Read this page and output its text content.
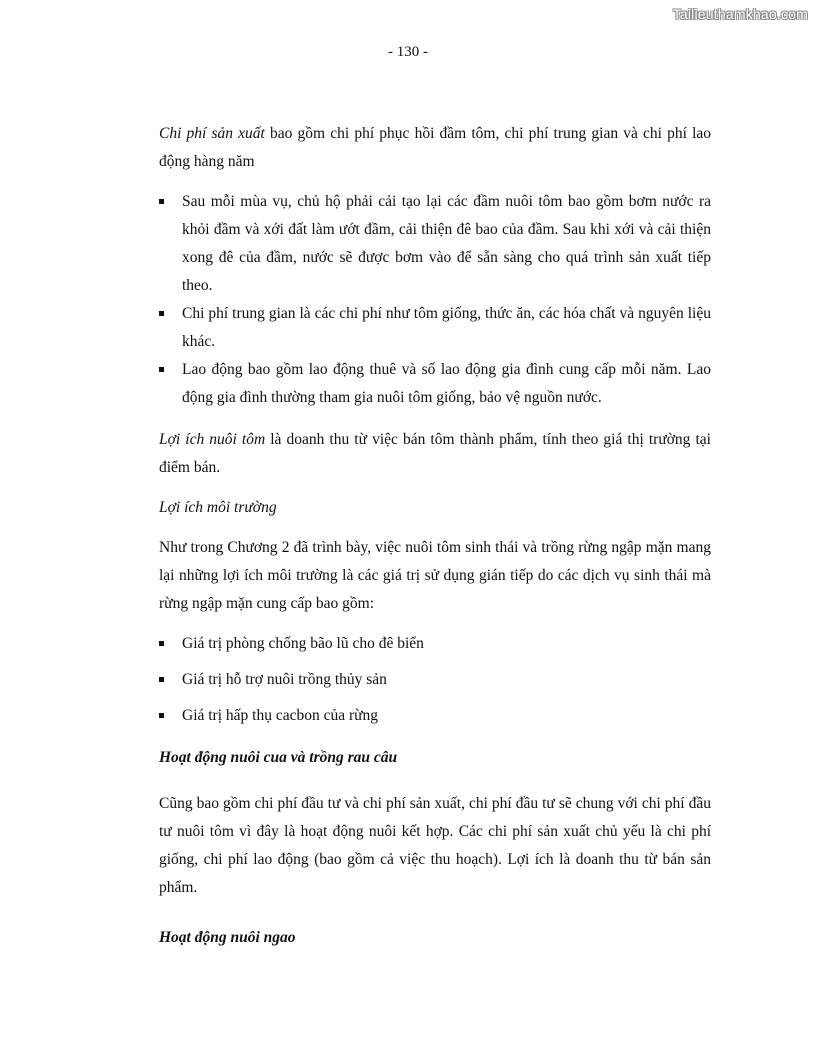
Tailieuthamkhao.com
- 130 -

Chi phí sản xuất bao gồm chi phí phục hồi đầm tôm, chi phí trung gian và chi phí lao động hàng năm

Sau mỗi mùa vụ, chủ hộ phải cải tạo lại các đầm nuôi tôm bao gồm bơm nước ra khỏi đầm và xới đất làm ướt đầm, cải thiện đê bao của đầm. Sau khi xới và cải thiện xong đê của đầm, nước sẽ được bơm vào để sẵn sàng cho quá trình sản xuất tiếp theo.
Chi phí trung gian là các chi phí như tôm giống, thức ăn, các hóa chất và nguyên liệu khác.
Lao động bao gồm lao động thuê và số lao động gia đình cung cấp mỗi năm. Lao động gia đình thường tham gia nuôi tôm giống, bảo vệ nguồn nước.

Lợi ích nuôi tôm là doanh thu từ việc bán tôm thành phẩm, tính theo giá thị trường tại điểm bán.

Lợi ích môi trường

Như trong Chương 2 đã trình bày, việc nuôi tôm sinh thái và trồng rừng ngập mặn mang lại những lợi ích môi trường là các giá trị sử dụng gián tiếp do các dịch vụ sinh thái mà rừng ngập mặn cung cấp bao gồm:

Giá trị phòng chống bão lũ cho đê biển
Giá trị hỗ trợ nuôi trồng thủy sản
Giá trị hấp thụ cacbon của rừng

Hoạt động nuôi cua và trồng rau câu

Cũng bao gồm chi phí đầu tư và chi phí sản xuất, chi phí đầu tư sẽ chung với chi phí đầu tư nuôi tôm vì đây là hoạt động nuôi kết hợp. Các chi phí sản xuất chủ yếu là chi phí giống, chi phí lao động (bao gồm cả việc thu hoạch). Lợi ích là doanh thu từ bán sản phẩm.

Hoạt động nuôi ngao
